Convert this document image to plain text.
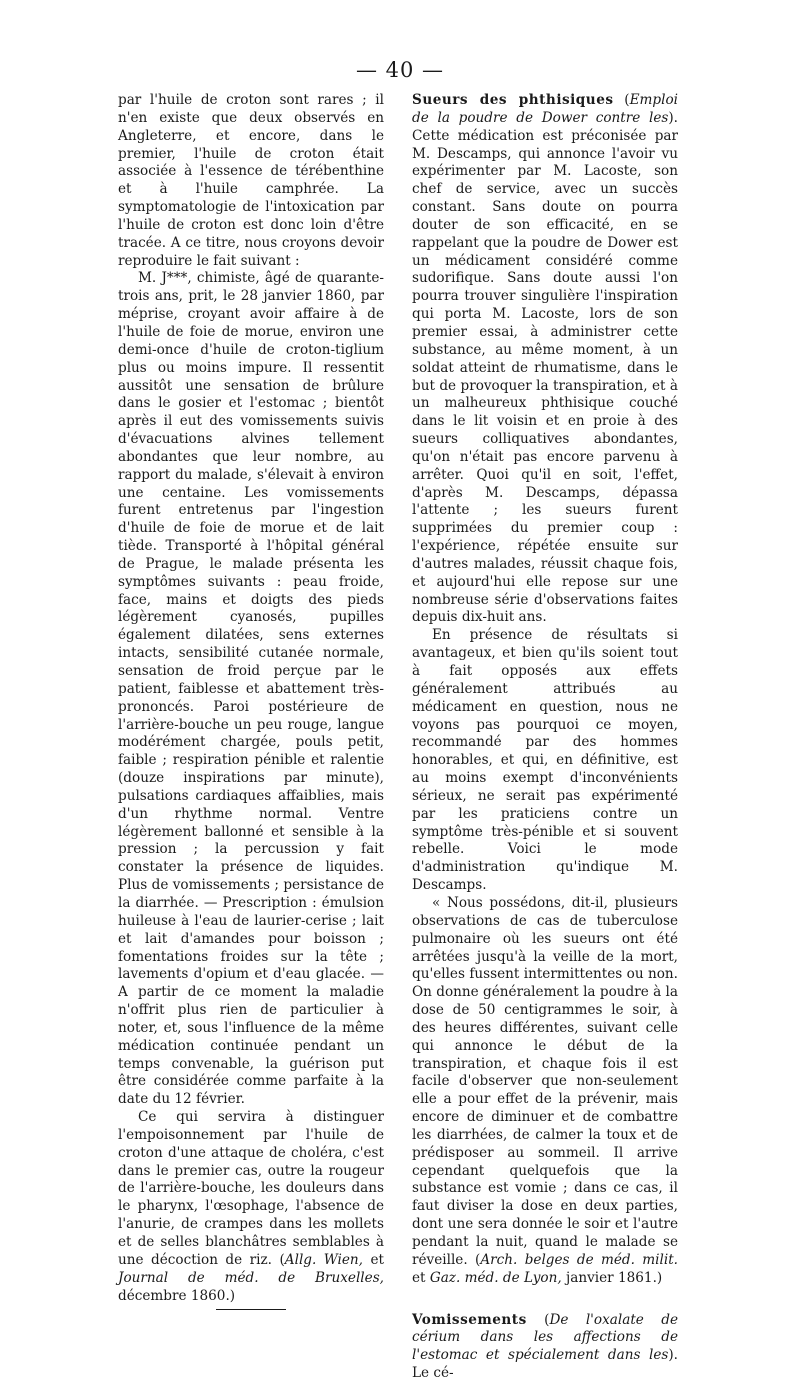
— 40 —

par l'huile de croton sont rares ; il n'en existe que deux observés en Angleterre, et encore, dans le premier, l'huile de croton était associée à l'essence de térébenthine et à l'huile camphrée. La symptomatologie de l'intoxication par l'huile de croton est donc loin d'être tracée. A ce titre, nous croyons devoir reproduire le fait suivant :

M. J***, chimiste, âgé de quarante-trois ans, prit, le 28 janvier 1860, par méprise, croyant avoir affaire à de l'huile de foie de morue, environ une demi-once d'huile de croton-tiglium plus ou moins impure. Il ressentit aussitôt une sensation de brûlure dans le gosier et l'estomac ; bientôt après il eut des vomissements suivis d'évacuations alvines tellement abondantes que leur nombre, au rapport du malade, s'élevait à environ une centaine. Les vomissements furent entretenus par l'ingestion d'huile de foie de morue et de lait tiède. Transporté à l'hôpital général de Prague, le malade présenta les symptômes suivants : peau froide, face, mains et doigts des pieds légèrement cyanosés, pupilles également dilatées, sens externes intacts, sensibilité cutanée normale, sensation de froid perçue par le patient, faiblesse et abattement très-prononcés. Paroi postérieure de l'arrière-bouche un peu rouge, langue modérément chargée, pouls petit, faible ; respiration pénible et ralentie (douze inspirations par minute), pulsations cardiaques affaiblies, mais d'un rhythme normal. Ventre légèrement ballonné et sensible à la pression ; la percussion y fait constater la présence de liquides. Plus de vomissements ; persistance de la diarrhée. — Prescription : émulsion huileuse à l'eau de laurier-cerise ; lait et lait d'amandes pour boisson ; fomentations froides sur la tête ; lavements d'opium et d'eau glacée. — A partir de ce moment la maladie n'offrit plus rien de particulier à noter, et, sous l'influence de la même médication continuée pendant un temps convenable, la guérison put être considérée comme parfaite à la date du 12 février.

Ce qui servira à distinguer l'empoisonnement par l'huile de croton d'une attaque de choléra, c'est dans le premier cas, outre la rougeur de l'arrière-bouche, les douleurs dans le pharynx, l'œsophage, l'absence de l'anurie, de crampes dans les mollets et de selles blanchâtres semblables à une décoction de riz. (Allg. Wien, et Journal de méd. de Bruxelles, décembre 1860.)

Sueurs des phthisiques (Emploi de la poudre de Dower contre les). Cette médication est préconisée par M. Descamps, qui annonce l'avoir vu expérimenter par M. Lacoste, son chef de service, avec un succès constant. Sans doute on pourra douter de son efficacité, en se rappelant que la poudre de Dower est un médicament considéré comme sudorifique. Sans doute aussi l'on pourra trouver singulière l'inspiration qui porta M. Lacoste, lors de son premier essai, à administrer cette substance, au même moment, à un soldat atteint de rhumatisme, dans le but de provoquer la transpiration, et à un malheureux phthisique couché dans le lit voisin et en proie à des sueurs colliquatives abondantes, qu'on n'était pas encore parvenu à arrêter. Quoi qu'il en soit, l'effet, d'après M. Descamps, dépassa l'attente ; les sueurs furent supprimées du premier coup : l'expérience, répétée ensuite sur d'autres malades, réussit chaque fois, et aujourd'hui elle repose sur une nombreuse série d'observations faites depuis dix-huit ans.

En présence de résultats si avantageux, et bien qu'ils soient tout à fait opposés aux effets généralement attribués au médicament en question, nous ne voyons pas pourquoi ce moyen, recommandé par des hommes honorables, et qui, en définitive, est au moins exempt d'inconvénients sérieux, ne serait pas expérimenté par les praticiens contre un symptôme très-pénible et si souvent rebelle. Voici le mode d'administration qu'indique M. Descamps.

« Nous possédons, dit-il, plusieurs observations de cas de tuberculose pulmonaire où les sueurs ont été arrêtées jusqu'à la veille de la mort, qu'elles fussent intermittentes ou non. On donne généralement la poudre à la dose de 50 centigrammes le soir, à des heures différentes, suivant celle qui annonce le début de la transpiration, et chaque fois il est facile d'observer que non-seulement elle a pour effet de la prévenir, mais encore de diminuer et de combattre les diarrhées, de calmer la toux et de prédisposer au sommeil. Il arrive cependant quelquefois que la substance est vomie ; dans ce cas, il faut diviser la dose en deux parties, dont une sera donnée le soir et l'autre pendant la nuit, quand le malade se réveille. (Arch. belges de méd. milit. et Gaz. méd. de Lyon, janvier 1861.)

Vomissements (De l'oxalate de cérium dans les affections de l'estomac et spécialement dans les). Le cé-
